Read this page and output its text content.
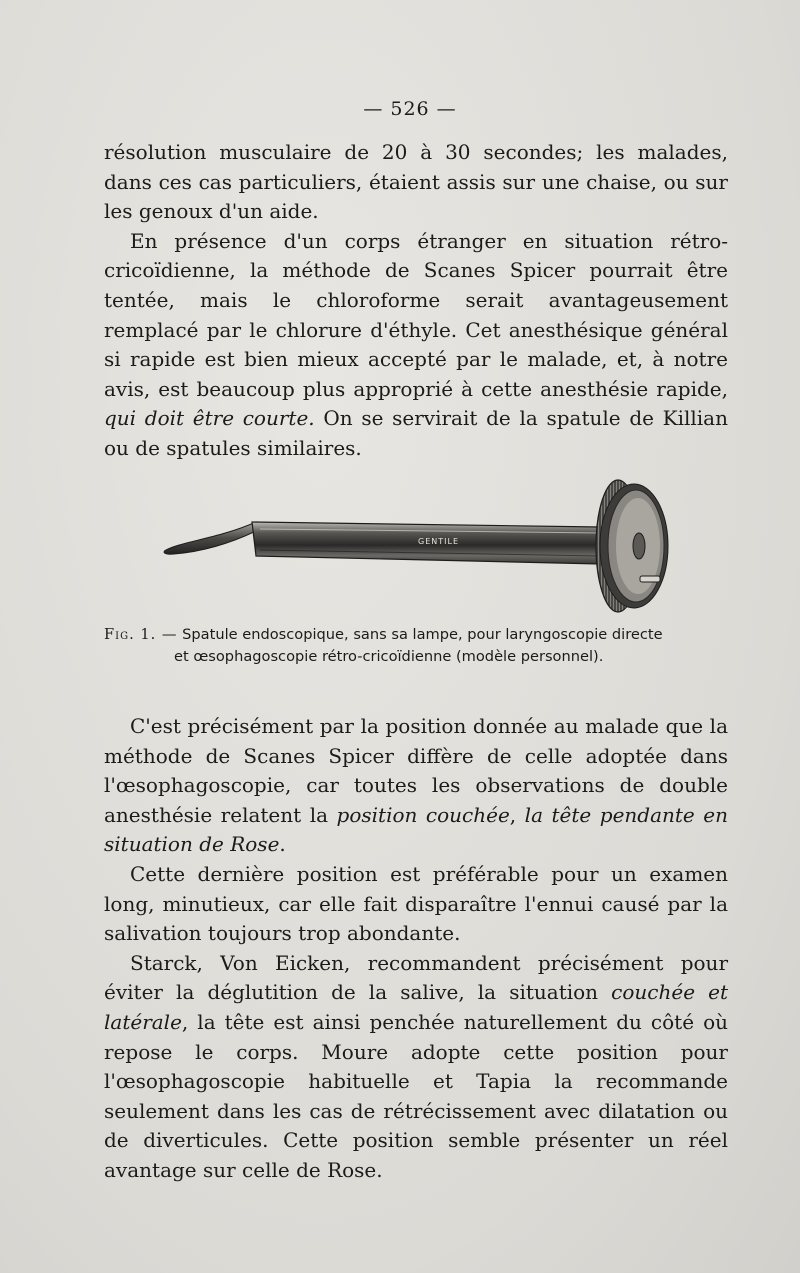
— 526 —

résolution musculaire de 20 à 30 secondes; les malades, dans ces cas particuliers, étaient assis sur une chaise, ou sur les genoux d'un aide.

En présence d'un corps étranger en situation rétro-cricoïdienne, la méthode de Scanes Spicer pourrait être tentée, mais le chloroforme serait avantageusement remplacé par le chlorure d'éthyle. Cet anesthésique général si rapide est bien mieux accepté par le malade, et, à notre avis, est beaucoup plus approprié à cette anesthésie rapide, qui doit être courte. On se servirait de la spatule de Killian ou de spatules similaires.

GENTILE
Fig. 1. — Spatule endoscopique, sans sa lampe, pour laryngoscopie directe
et œsophagoscopie rétro-cricoïdienne (modèle personnel).

C'est précisément par la position donnée au malade que la méthode de Scanes Spicer diffère de celle adoptée dans l'œsophagoscopie, car toutes les observations de double anesthésie relatent la position couchée, la tête pendante en situation de Rose.

Cette dernière position est préférable pour un examen long, minutieux, car elle fait disparaître l'ennui causé par la salivation toujours trop abondante.

Starck, Von Eicken, recommandent précisément pour éviter la déglutition de la salive, la situation couchée et latérale, la tête est ainsi penchée naturellement du côté où repose le corps. Moure adopte cette position pour l'œsophagoscopie habituelle et Tapia la recommande seulement dans les cas de rétrécissement avec dilatation ou de diverticules. Cette position semble présenter un réel avantage sur celle de Rose.
